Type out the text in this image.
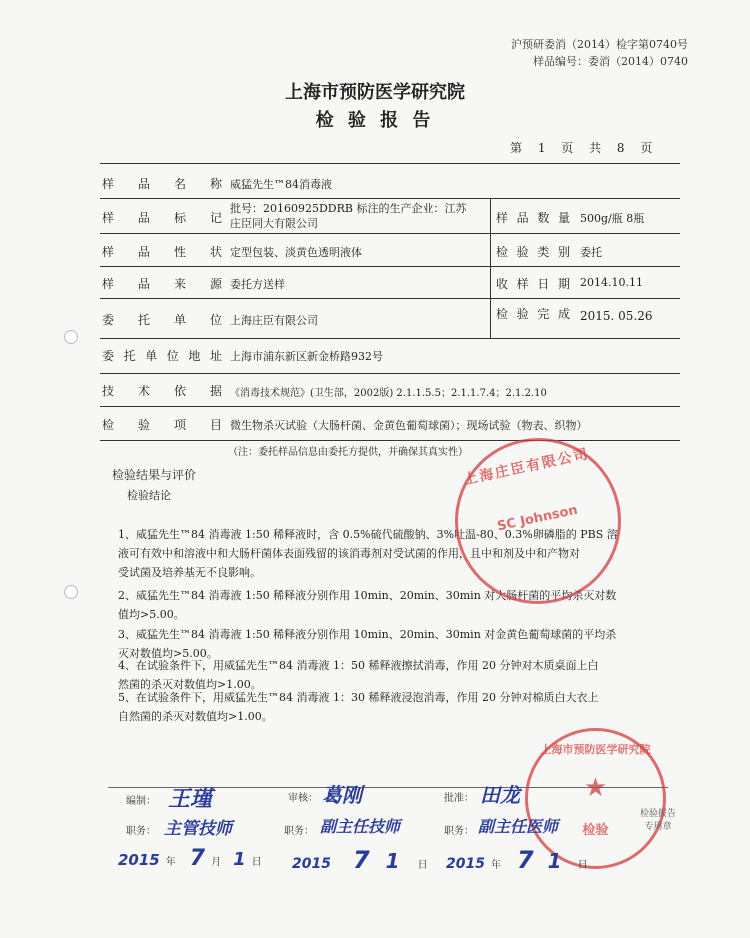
沪预研委消（2014）检字第0740号
样品编号：委消（2014）0740
上海市预防医学研究院
检 验 报 告
第 1 页 共 8 页
样 品 名 称 威猛先生™84消毒液
样 品 标 记
批号：20160925DDRB 标注的生产企业：江苏
庄臣同大有限公司	样 品 数 量 500g/瓶 8瓶
样 品 性 状 定型包装、淡黄色透明液体	检 验 类 别 委托
样 品 来 源 委托方送样	收 样 日 期 2014.10.11
委 托 单 位 上海庄臣有限公司	检 验 完 成 2015. 05.26
委 托 单 位 地 址 上海市浦东新区新金桥路932号
技 术 依 据 《消毒技术规范》(卫生部，2002版) 2.1.1.5.5；2.1.1.7.4；2.1.2.10
检 验 项 目 微生物杀灭试验（大肠杆菌、金黄色葡萄球菌）；现场试验（物表、织物）
（注：委托样品信息由委托方提供，并确保其真实性）
检验结果与评价
检验结论
1、威猛先生™84 消毒液 1:50 稀释液时，含 0.5%硫代硫酸钠、3%吐温-80、0.3%卵磷脂的 PBS 溶
液可有效中和溶液中和大肠杆菌体表面残留的该消毒剂对受试菌的作用，且中和剂及中和产物对
受试菌及培养基无不良影响。
2、威猛先生™84 消毒液 1:50 稀释液分别作用 10min、20min、30min 对大肠杆菌的平均杀灭对数
值均>5.00。
3、威猛先生™84 消毒液 1:50 稀释液分别作用 10min、20min、30min 对金黄色葡萄球菌的平均杀
灭对数值均>5.00。
4、在试验条件下，用威猛先生™84 消毒液 1：50 稀释液擦拭消毒，作用 20 分钟对木质桌面上白
然菌的杀灭对数值均>1.00。
5、在试验条件下，用威猛先生™84 消毒液 1：30 稀释液浸泡消毒，作用 20 分钟对棉质白大衣上
自然菌的杀灭对数值均>1.00。
上海庄臣有限公司
SC Johnson
上海市预防医学研究院
★
检验
检验报告
专用章
编制： 王瑾	审核： 葛刚	批准： 田龙
职务： 主管技师	职务： 副主任技师	职务： 副主任医师
2015 年 7 月 1 日 2015 7 1 日 2015 年 7 1 日
